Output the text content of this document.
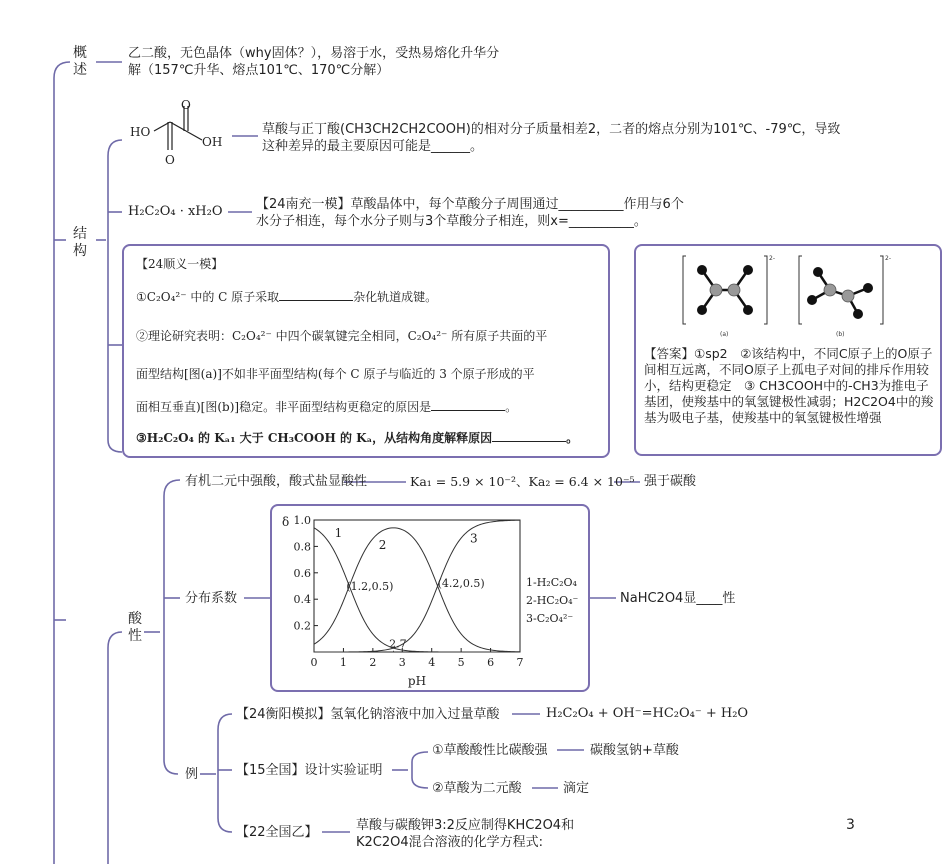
概
述
结
构
酸
性
乙二酸，无色晶体（why固体？），易溶于水，受热易熔化升华分解（157℃升华、熔点101℃、170℃分解）
O
HO
OH
O
草酸与正丁酸(CH3CH2CH2COOH)的相对分子质量相差2，二者的熔点分别为101℃、-79℃，导致这种差异的最主要原因可能是______。
H₂C₂O₄ · xH₂O	【24南充一模】草酸晶体中，每个草酸分子周围通过__________作用与6个水分子相连，每个水分子则与3个草酸分子相连，则x=__________。
【24顺义一模】
①C₂O₄²⁻ 中的 C 原子采取	杂化轨道成键。
②理论研究表明：C₂O₄²⁻ 中四个碳氧键完全相同，C₂O₄²⁻ 所有原子共面的平
面型结构[图(a)]不如非平面型结构(每个 C 原子与临近的 3 个原子形成的平
面相互垂直)[图(b)]稳定。非平面型结构更稳定的原因是	。
③H₂C₂O₄ 的 Kₐ₁ 大于 CH₃COOH 的 Kₐ，从结构角度解释原因	。
2-	2-
(a)	(b)
【答案】①sp2　②该结构中，不同C原子上的O原子间相互远离，不同O原子上孤电子对间的排斥作用较小，结构更稳定　③ CH3COOH中的-CH3为推电子基团，使羧基中的氧氢键极性减弱；H2C2O4中的羧基为吸电子基，使羧基中的氧氢键极性增强
有机二元中强酸，酸式盐显酸性	Ka₁ = 5.9 × 10⁻²、Ka₂ = 6.4 × 10⁻⁵ 强于碳酸
分布系数
0 1 2 3 4 5 6 7
0.2
0.4
0.6
0.8
1.0
δ
pH
1
2	3
(1.2,0.5)	(4.2,0.5)
2.7
1-H₂C₂O₄
2-HC₂O₄⁻
3-C₂O₄²⁻
NaHC2O4显____性
例
【24衡阳模拟】氢氧化钠溶液中加入过量草酸	H₂C₂O₄ + OH⁻=HC₂O₄⁻ + H₂O
【15全国】设计实验证明
①草酸酸性比碳酸强	碳酸氢钠+草酸
②草酸为二元酸	滴定
【22全国乙】	草酸与碳酸钾3:2反应制得KHC2O4和K2C2O4混合溶液的化学方程式:
3
